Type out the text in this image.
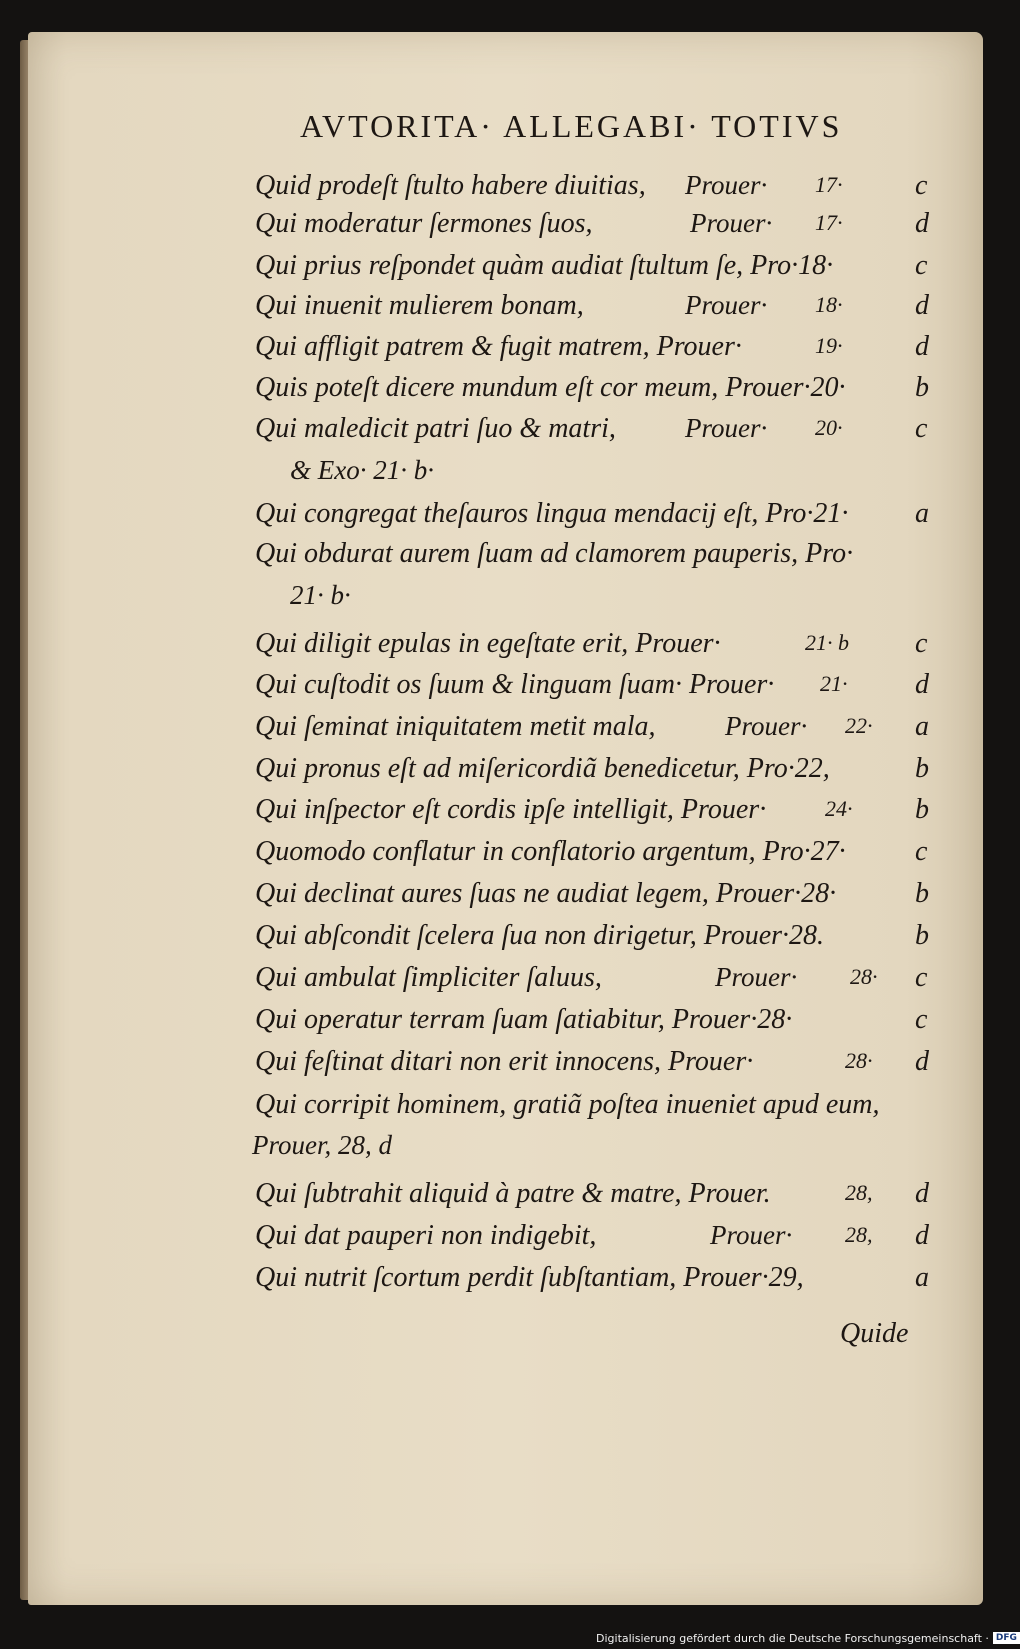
AVTORITA· ALLEGABI· TOTIVS
Quid prodeſt ſtulto habere diuitias, Prouer· 17·	c
Qui moderatur ſermones ſuos,	Prouer· 17·	d
Qui prius reſpondet quàm audiat ſtultum ſe, Pro·18·	c
Qui inuenit mulierem bonam,	Prouer· 18·	d
Qui affligit patrem & fugit matrem, Prouer·	19·	d
Quis poteſt dicere mundum eſt cor meum, Prouer·20· b
Qui maledicit patri ſuo & matri,	Prouer· 20·	c
& Exo· 21· b·
Qui congregat theſauros lingua mendacij eſt, Pro·21· a
Qui obdurat aurem ſuam ad clamorem pauperis, Pro·
21· b·
Qui diligit epulas in egeſtate erit, Prouer·	21· b c
Qui cuſtodit os ſuum & linguam ſuam· Prouer· 21· d
Qui ſeminat iniquitatem metit mala,	Prouer· 22· a
Qui pronus eſt ad miſericordiã benedicetur, Pro·22,	b
Qui inſpector eſt cordis ipſe intelligit, Prouer·	24· b
Quomodo conflatur in conflatorio argentum, Pro·27· c
Qui declinat aures ſuas ne audiat legem, Prouer·28·	b
Qui abſcondit ſcelera ſua non dirigetur, Prouer·28.	b
Qui ambulat ſimpliciter ſaluus,	Prouer· 28· c
Qui operatur terram ſuam ſatiabitur, Prouer·28·	c
Qui feſtinat ditari non erit innocens, Prouer·	28· d
Qui corripit hominem, gratiã poſtea inueniet apud eum,
Prouer, 28, d
Qui ſubtrahit aliquid à patre & matre, Prouer.	28, d
Qui dat pauperi non indigebit,	Prouer· 28, d
Qui nutrit ſcortum perdit ſubſtantiam, Prouer·29,	a
Quide
Digitalisierung gefördert durch die Deutsche Forschungsgemeinschaft · DFG
